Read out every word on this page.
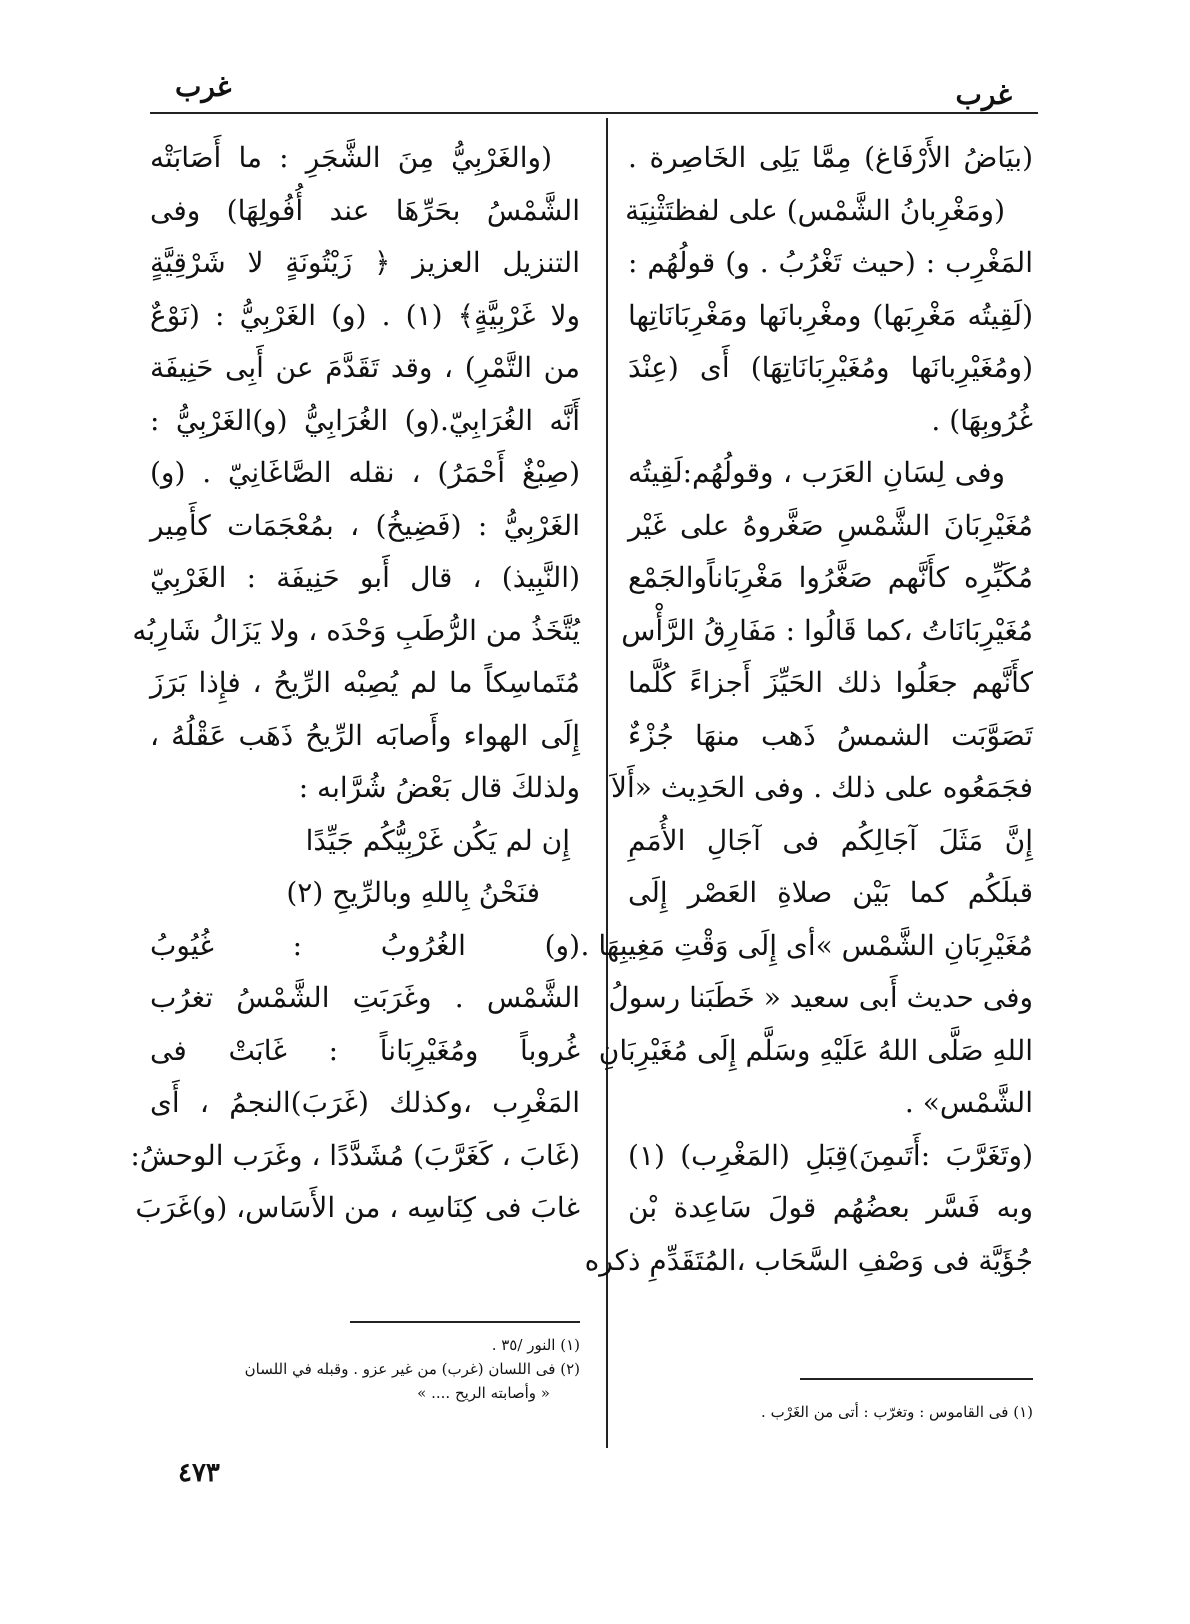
غرب	غرب
(بيَاضُ الأَرْفَاغ) مِمَّا يَلِى الخَاصِرة .
(ومَغْرِبانُ الشَّمْس) على لفظتَثْنِيَة
المَغْرِب : (حيث تَغْرُبُ . و) قولُهُم :
(لَقِيتُه مَغْرِبَها) ومغْرِبانَها ومَغْرِبَانَاتِها
(ومُغَيْرِبانَها ومُغَيْرِبَانَاتِهَا) أَى (عِنْدَ
غُرُوبِهَا) .
وفى لِسَانِ العَرَب ، وقولُهُم:لَقِيتُه
مُغَيْرِبَانَ الشَّمْسِ صَغَّروهُ على غَيْر
مُكَبِّرِه كأَنَّهم صَغَّرُوا مَغْرِبَاناًوالجَمْع
مُغَيْرِبَانَاتُ ،كما قَالُوا : مَفَارِقُ الرَّأْس
كأَنَّهم جعَلُوا ذلك الحَيِّزَ أَجزاءً كُلَّما
تَصَوَّبَت الشمسُ ذَهب منهَا جُزْءٌ
فجَمَعُوه على ذلك . وفى الحَدِيث «أَلاَ
إِنَّ مَثَلَ آجَالِكُم فى آجَالِ الأُمَمِ
قبلَكُم كما بَيْن صلاةِ العَصْر إِلَى
مُغَيْرِبَانِ الشَّمْس »أى إِلَى وَقْتِ مَغِيبِهَا .
وفى حديث أَبى سعيد « خَطَبَنا رسولُ
اللهِ صَلَّى اللهُ عَلَيْهِ وسَلَّم إِلَى مُغَيْرِبَانِ
الشَّمْس» .
(وتَغَرَّبَ :أَتَىمِنَ)قِبَلِ (المَغْرِب) (١)
وبه فَسَّر بعضُهُم قولَ سَاعِدة بْن
جُؤَيَّة فى وَصْفِ السَّحَاب ،المُتَقَدِّمِ ذكره
(والغَرْبِيُّ مِنَ الشَّجَرِ : ما أَصَابَتْه
الشَّمْسُ بحَرِّهَا عند أُفُولِهَا) وفى
التنزيل العزيز ﴿ زَيْتُونَةٍ لا شَرْقِيَّةٍ
ولا غَرْبِيَّةٍ﴾ (١) . (و) الغَرْبِيُّ : (نَوْعٌ
من التَّمْرِ) ، وقد تَقَدَّمَ عن أَبِى حَنِيفَة
أَنَّه الغُرَابِيّ.(و) الغُرَابِيُّ (و)الغَرْبِيُّ :
(صِبْغٌ أَحْمَرُ) ، نقله الصَّاغَانِيّ . (و)
الغَرْبِيُّ : (فَضِيخُ) ، بمُعْجَمَات كأَمِير
(النَّبِيذ) ، قال أَبو حَنِيفَة : الغَرْبِيّ
يُتَّخَذُ من الرُّطَبِ وَحْدَه ، ولا يَزَالُ شَارِبُه
مُتَماسِكاً ما لم يُصِبْه الرِّيحُ ، فإِذا بَرَزَ
إِلَى الهواء وأَصابَه الرِّيحُ ذَهَب عَقْلُهُ ،
ولذلكَ قال بَعْضُ شُرَّابه :
إِن لم يَكُن غَرْبِيُّكُم جَيِّدًا
فنَحْنُ بِاللهِ وبالرِّيحِ (٢)
(و) الغُرُوبُ : غُيُوبُ
الشَّمْس . وغَرَبَتِ الشَّمْسُ تغرُب
غُروباً ومُغَيْرِبَاناً : غَابَتْ فى
المَغْرِب ،وكذلك (غَرَبَ)النجمُ ، أَى
(غَابَ ، كَغَرَّبَ) مُشَدَّدًا ، وغَرَب الوحشُ:
غابَ فى كِنَاسِه ، من الأَسَاس، (و)غَرَبَ
(١) النور /٣٥ .
(٢) فى اللسان (غرب) من غير عزو . وقبله في اللسان
« وأصابته الريح .... »
(١) فى القاموس : وتغرّب : أتى من الغَرْب .
٤٧٣
